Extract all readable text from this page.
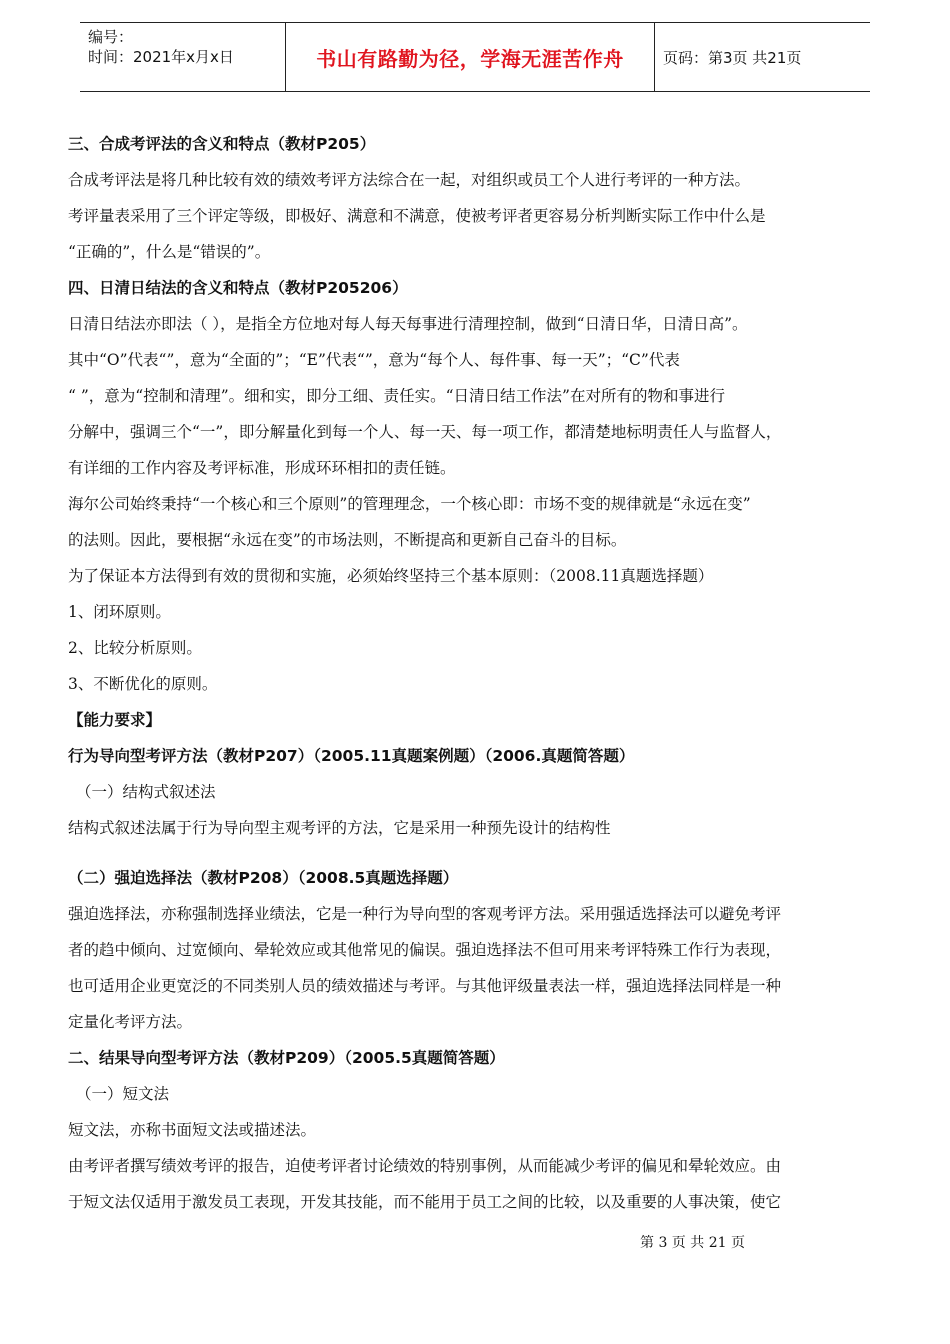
编号：
时间：2021年x月x日	书山有路勤为径，学海无涯苦作舟	页码：第3页 共21页
三、合成考评法的含义和特点（教材P205）
合成考评法是将几种比较有效的绩效考评方法综合在一起，对组织或员工个人进行考评的一种方法。
考评量表采用了三个评定等级，即极好、满意和不满意，使被考评者更容易分析判断实际工作中什么是
“正确的”，什么是“错误的”。
四、日清日结法的含义和特点（教材P205206）
日清日结法亦即法（ ），是指全方位地对每人每天每事进行清理控制，做到“日清日华，日清日高”。
其中“O”代表“”，意为“全面的”；“E”代表“”，意为“每个人、每件事、每一天”；“C”代表
“ ”，意为“控制和清理”。细和实，即分工细、责任实。“日清日结工作法”在对所有的物和事进行
分解中，强调三个“一”，即分解量化到每一个人、每一天、每一项工作，都清楚地标明责任人与监督人，
有详细的工作内容及考评标准，形成环环相扣的责任链。
海尔公司始终秉持“一个核心和三个原则”的管理理念，一个核心即：市场不变的规律就是“永远在变”
的法则。因此，要根据“永远在变”的市场法则，不断提高和更新自己奋斗的目标。
为了保证本方法得到有效的贯彻和实施，必须始终坚持三个基本原则：（2008.11真题选择题）
1、闭环原则。
2、比较分析原则。
3、不断优化的原则。
【能力要求】
行为导向型考评方法（教材P207）（2005.11真题案例题）（2006.真题简答题）
（一）结构式叙述法
结构式叙述法属于行为导向型主观考评的方法，它是采用一种预先设计的结构性
（二）强迫选择法（教材P208）（2008.5真题选择题）
强迫选择法，亦称强制选择业绩法，它是一种行为导向型的客观考评方法。采用强适选择法可以避免考评
者的趋中倾向、过宽倾向、晕轮效应或其他常见的偏误。强迫选择法不但可用来考评特殊工作行为表现，
也可适用企业更宽泛的不同类别人员的绩效描述与考评。与其他评级量表法一样，强迫选择法同样是一种
定量化考评方法。
二、结果导向型考评方法（教材P209）（2005.5真题简答题）
（一）短文法
短文法，亦称书面短文法或描述法。
由考评者撰写绩效考评的报告，迫使考评者讨论绩效的特别事例，从而能减少考评的偏见和晕轮效应。由
于短文法仅适用于激发员工表现，开发其技能，而不能用于员工之间的比较，以及重要的人事决策，使它
第 3 页 共 21 页
